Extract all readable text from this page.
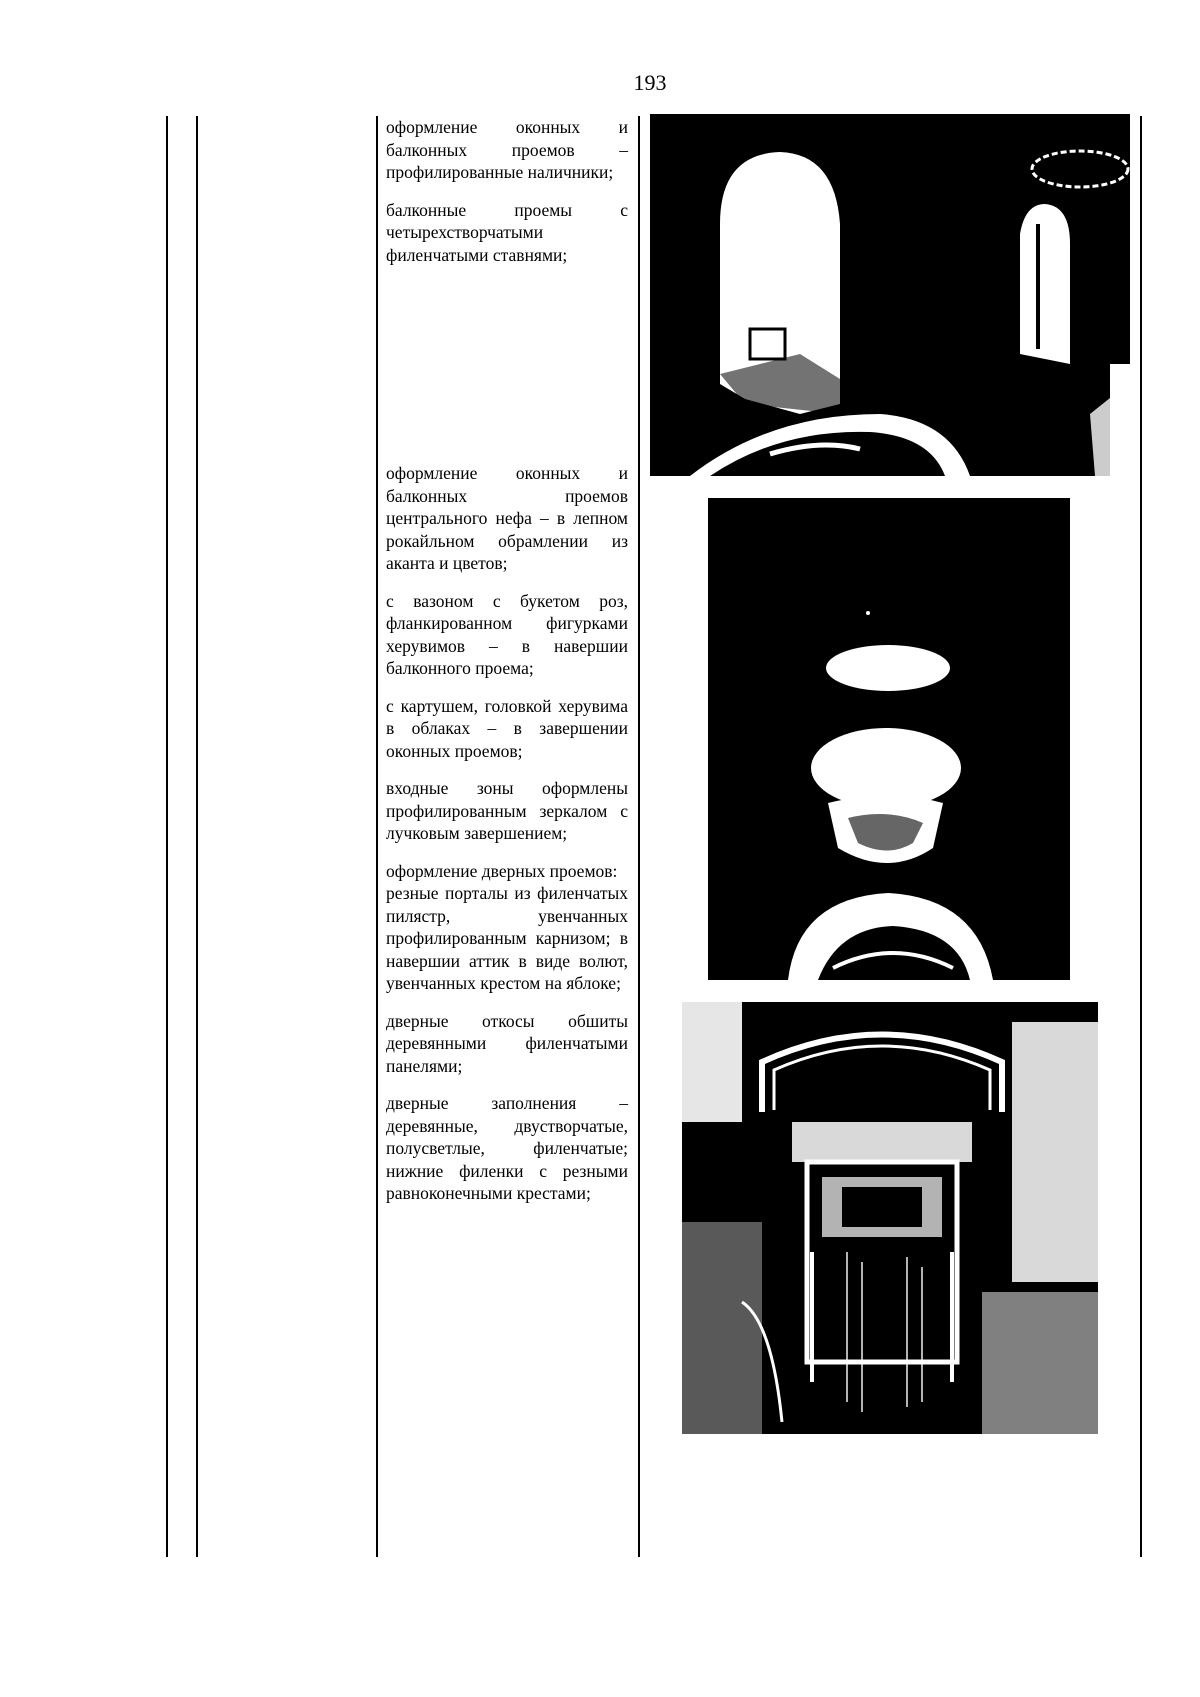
193

оформление оконных и балконных проемов – профилированные наличники;

балконные проемы с четырехстворчатыми филенчатыми ставнями;

оформление оконных и балконных проемов центрального нефа – в лепном рокайльном обрамлении из аканта и цветов;

с вазоном с букетом роз, фланкированном фигурками херувимов – в навершии балконного проема;

с картушем, головкой херувима в облаках – в завершении оконных проемов;

входные зоны оформлены профилированным зеркалом с лучковым завершением;

оформление дверных проемов:

резные порталы из филенчатых пилястр, увенчанных профилированным карнизом; в навершии аттик в виде волют, увенчанных крестом на яблоке;

дверные откосы обшиты деревянными филенчатыми панелями;

дверные заполнения – деревянные, двустворчатые, полусветлые, филенчатые; нижние филенки с резными равноконечными крестами;
